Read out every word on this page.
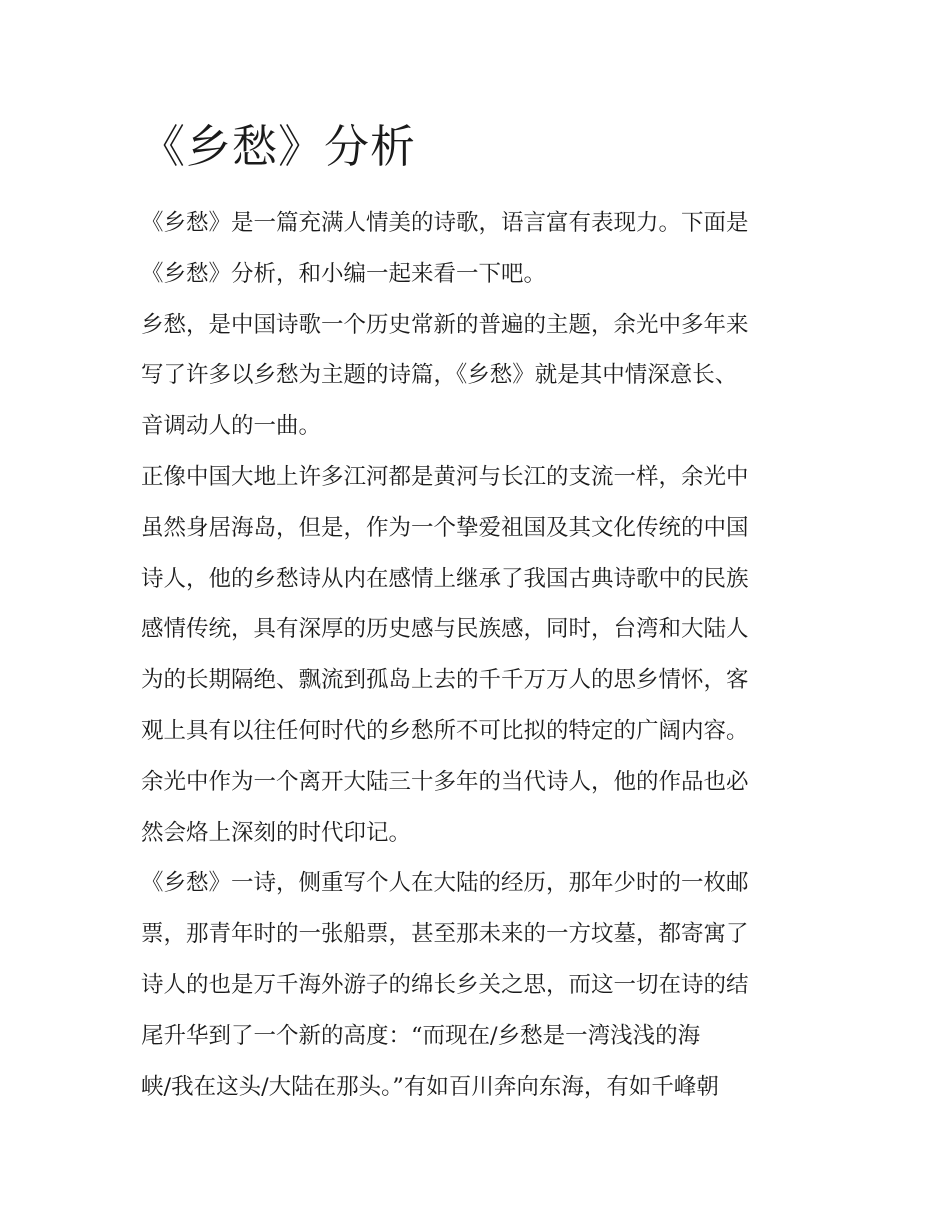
《乡愁》分析

《乡愁》是一篇充满人情美的诗歌，语言富有表现力。下面是
《乡愁》分析，和小编一起来看一下吧。

乡愁，是中国诗歌一个历史常新的普遍的主题，余光中多年来
写了许多以乡愁为主题的诗篇，《乡愁》就是其中情深意长、
音调动人的一曲。

正像中国大地上许多江河都是黄河与长江的支流一样，余光中
虽然身居海岛，但是，作为一个挚爱祖国及其文化传统的中国
诗人，他的乡愁诗从内在感情上继承了我国古典诗歌中的民族
感情传统，具有深厚的历史感与民族感，同时，台湾和大陆人
为的长期隔绝、飘流到孤岛上去的千千万万人的思乡情怀，客
观上具有以往任何时代的乡愁所不可比拟的特定的广阔内容。
余光中作为一个离开大陆三十多年的当代诗人，他的作品也必
然会烙上深刻的时代印记。

《乡愁》一诗，侧重写个人在大陆的经历，那年少时的一枚邮
票，那青年时的一张船票，甚至那未来的一方坟墓，都寄寓了
诗人的也是万千海外游子的绵长乡关之思，而这一切在诗的结
尾升华到了一个新的高度：“而现在/乡愁是一湾浅浅的海
峡/我在这头/大陆在那头。”有如百川奔向东海，有如千峰朝
